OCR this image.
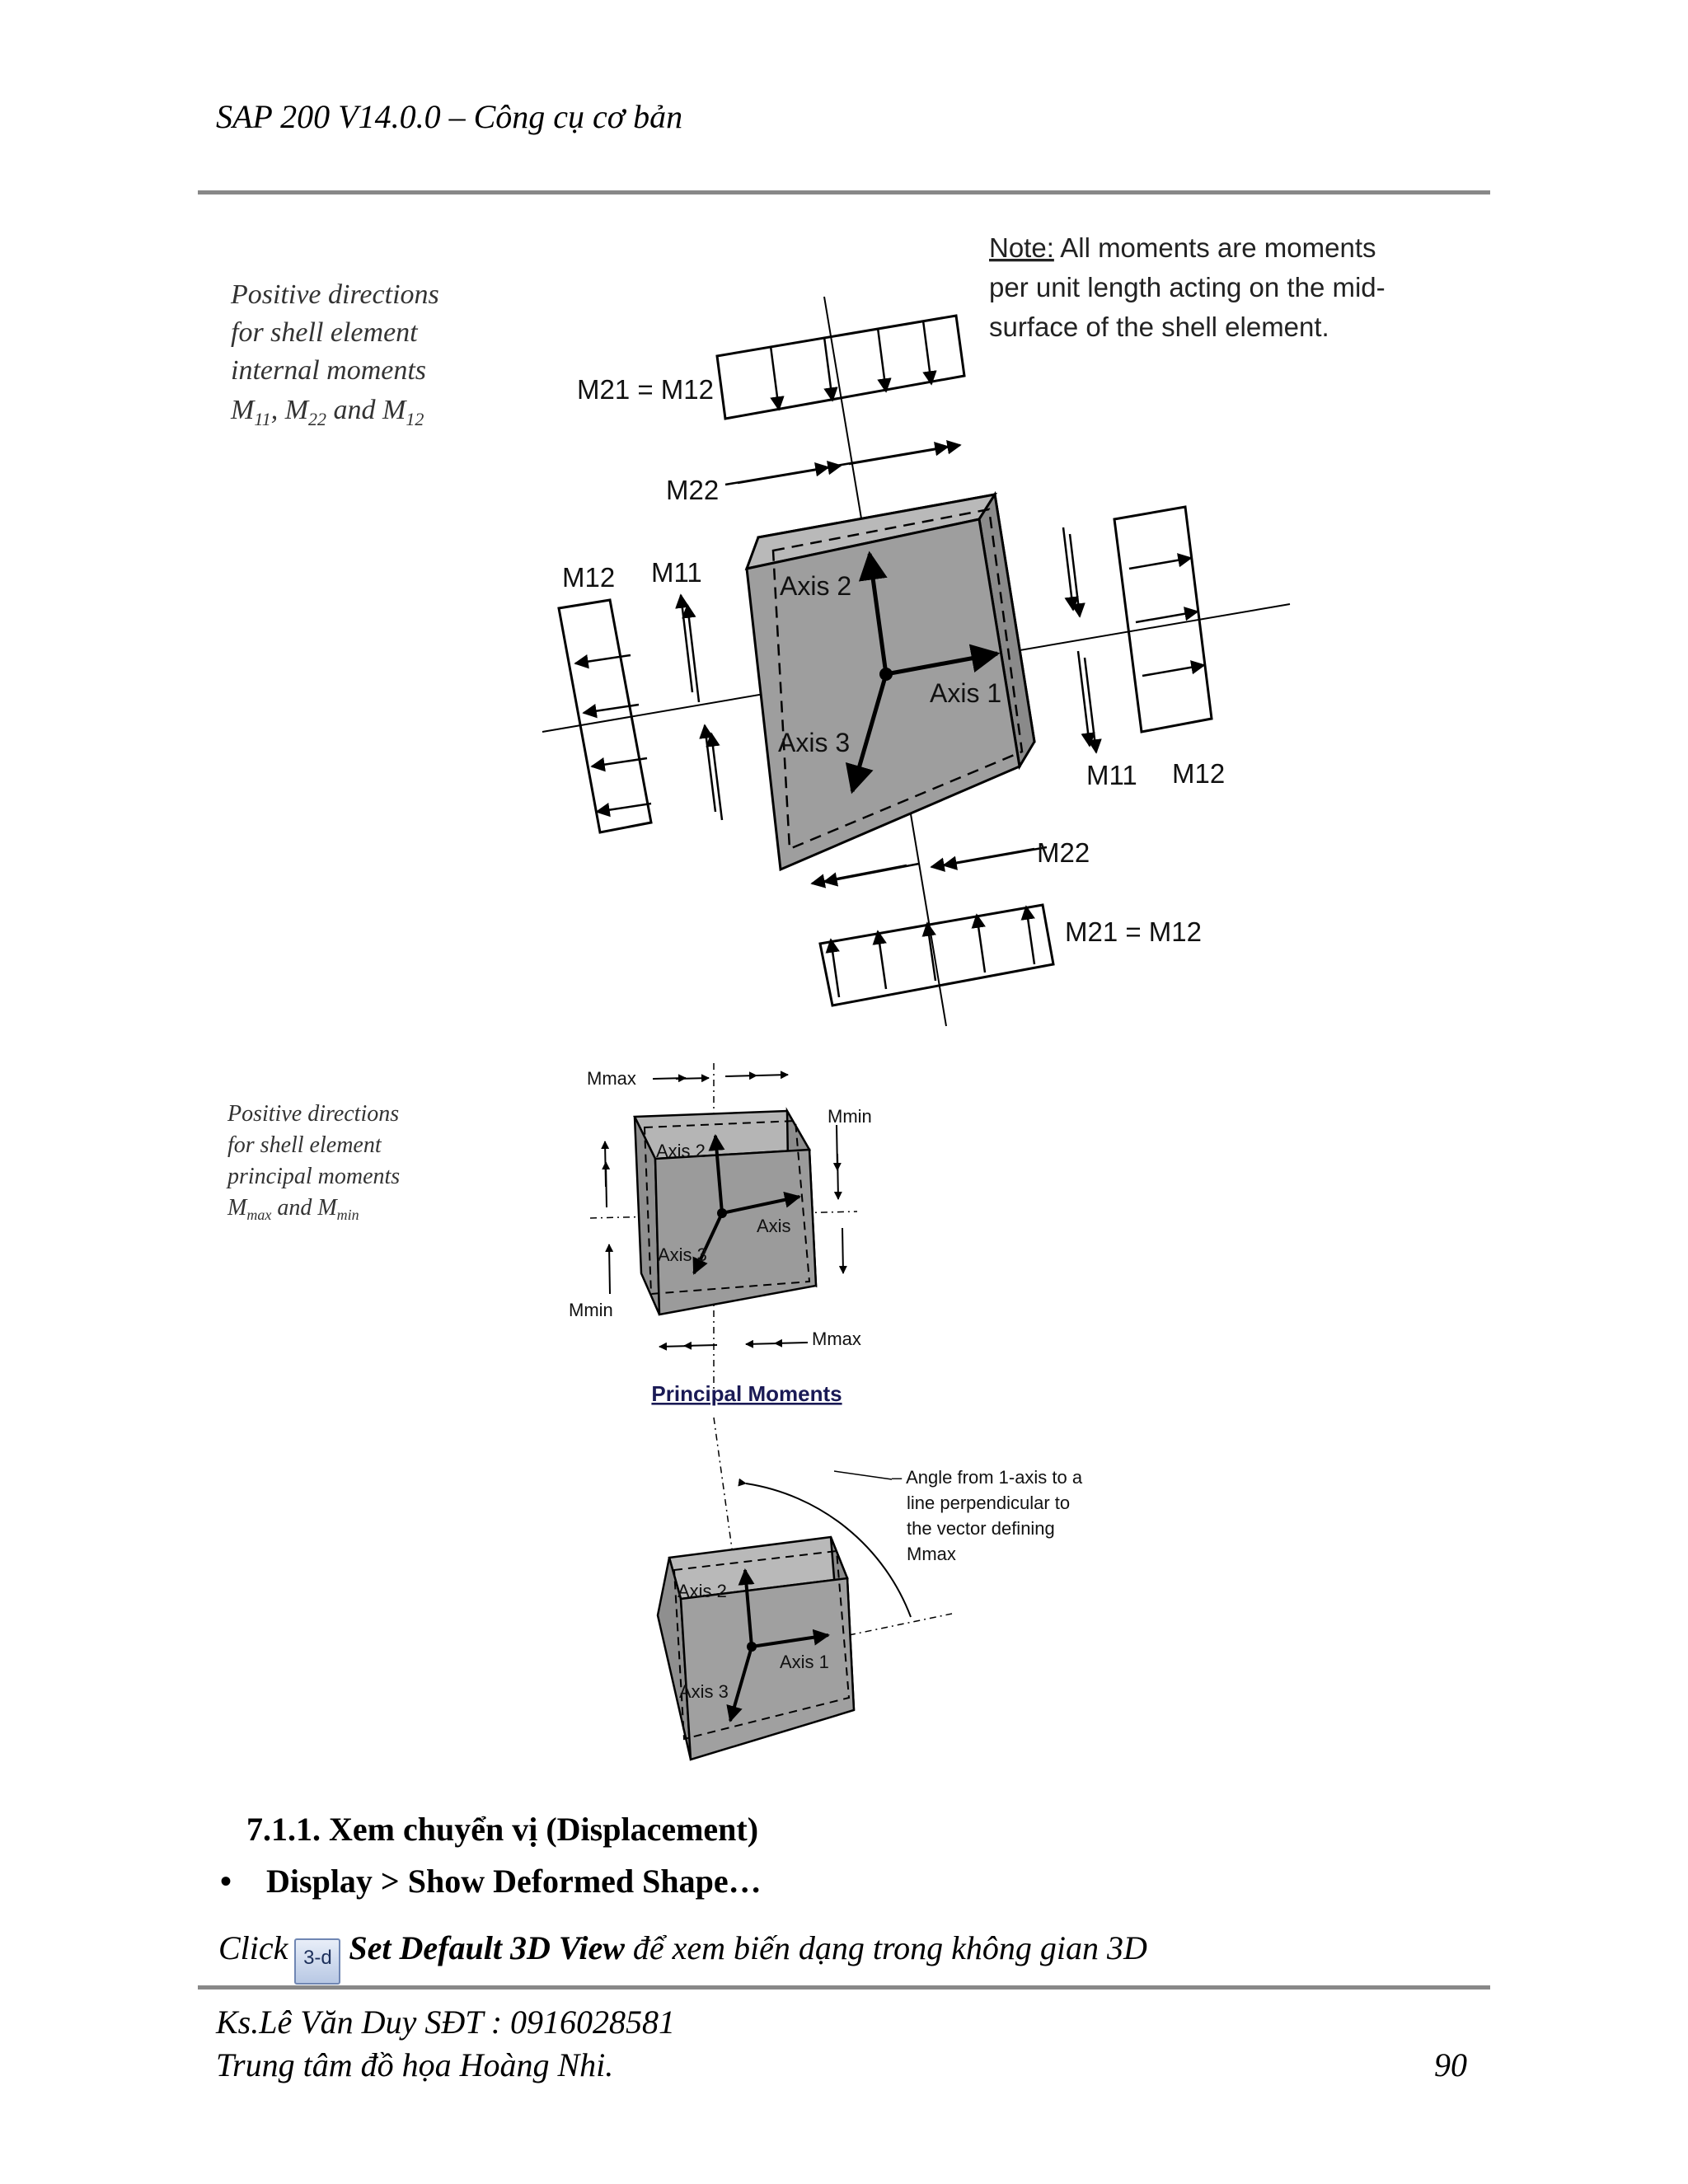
SAP 200 V14.0.0 – Công cụ cơ bản
Positive directions for shell element internal moments $M_{11}$, $M_{22}$ and $M_{12}$
Note: All moments are moments
per unit length acting on the mid-
surface of the shell element.
Axis 2
Axis 1
Axis 3
M21 = M12
M22
M12 M11
M11 M12
M22
M21 = M12
Positive directions for shell element principal moments $M_{max}$ and $M_{min}$
Axis 2
Axis
Axis 3
Mmax
Mmin
Mmin
Mmax
Principal Moments
– Angle from 1-axis to a line perpendicular to the vector defining Mmax
Axis 2
Axis 1
Axis 3
7.1.1. Xem chuyển vị (Displacement)
• Display > Show Deformed Shape…
Click 3-d Set Default 3D View để xem biến dạng trong không gian 3D
Ks.Lê Văn Duy SĐT : 0916028581
Trung tâm đồ họa Hoàng Nhi.	90
